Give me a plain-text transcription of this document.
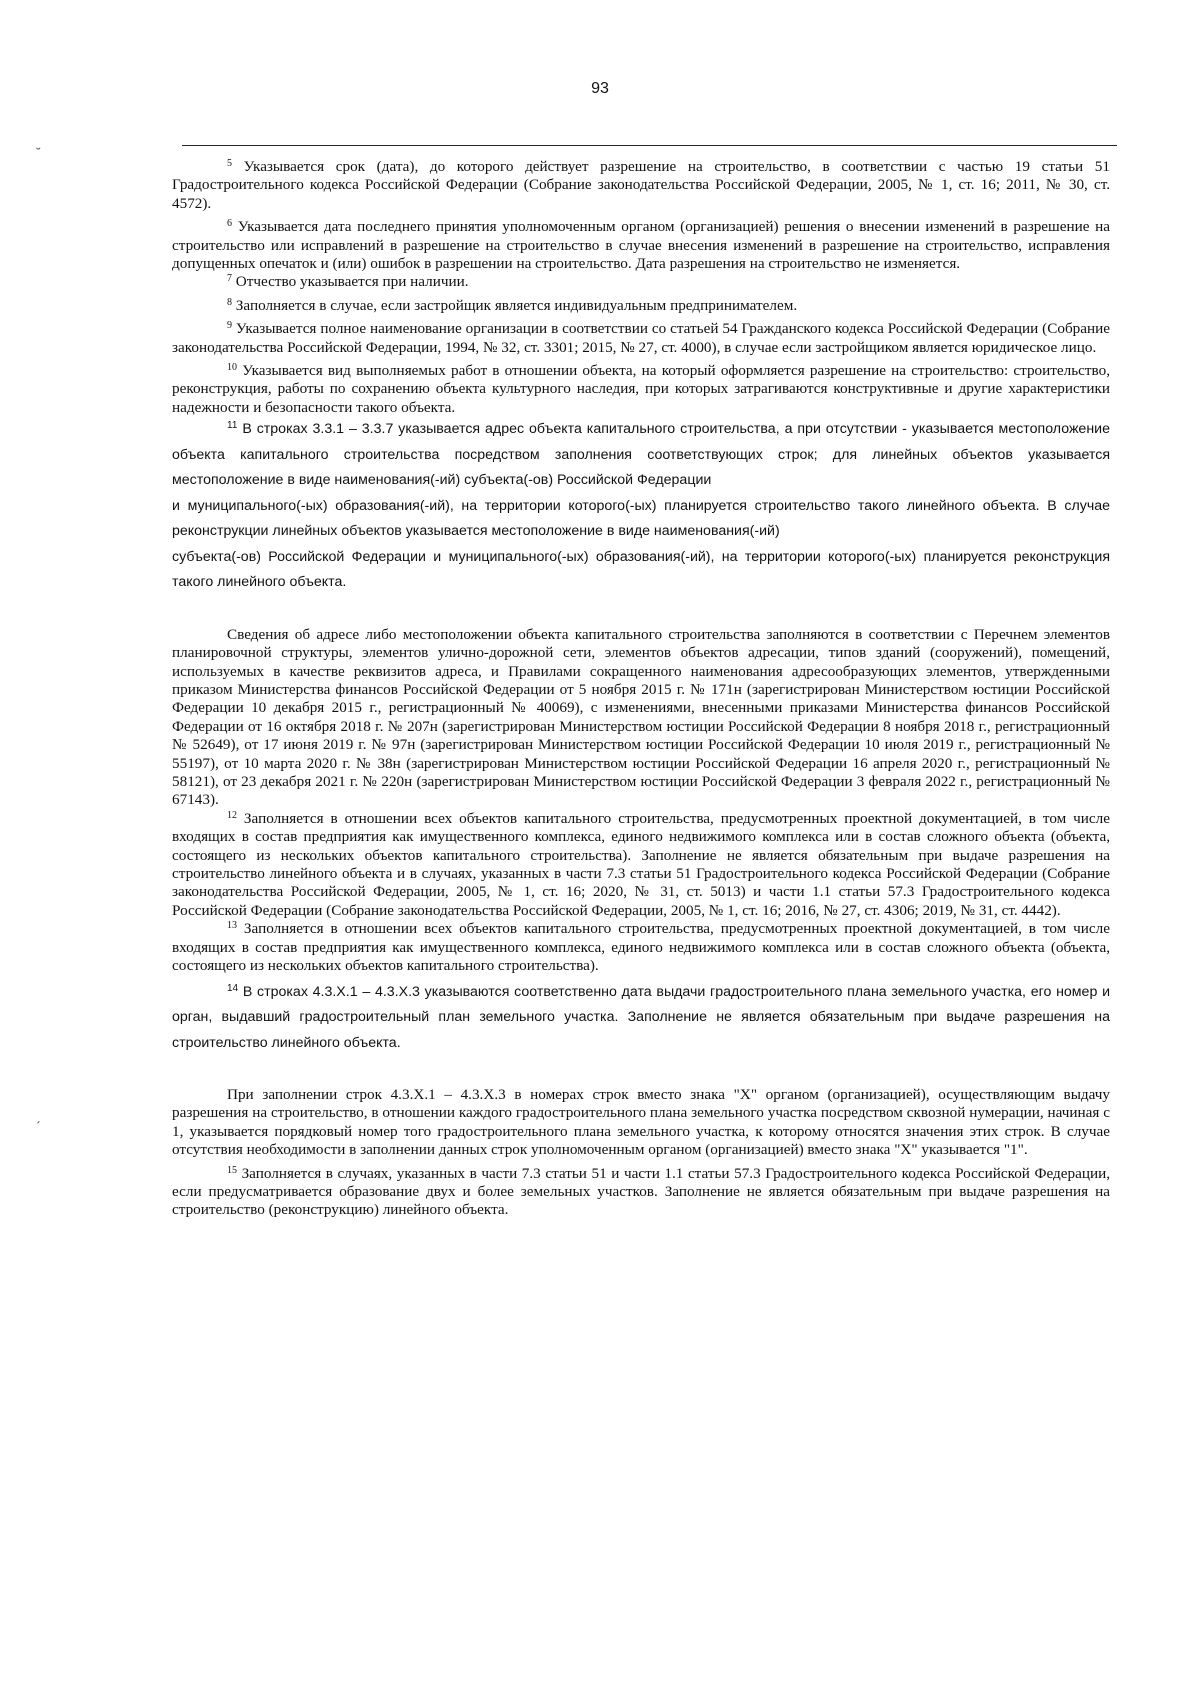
93
˘
ˊ

$^5$ Указывается срок (дата), до которого действует разрешение на строительство, в соответствии с частью 19 статьи 51 Градостроительного кодекса Российской Федерации (Собрание законодательства Российской Федерации, 2005, № 1, ст. 16; 2011, № 30, ст. 4572).

$^6$ Указывается дата последнего принятия уполномоченным органом (организацией) решения о внесении изменений в разрешение на строительство или исправлений в разрешение на строительство в случае внесения изменений в разрешение на строительство, исправления допущенных опечаток и (или) ошибок в разрешении на строительство. Дата разрешения на строительство не изменяется.

$^7$ Отчество указывается при наличии.

$^8$ Заполняется в случае, если застройщик является индивидуальным предпринимателем.

$^9$ Указывается полное наименование организации в соответствии со статьей 54 Гражданского кодекса Российской Федерации (Собрание законодательства Российской Федерации, 1994, № 32, ст. 3301; 2015, № 27, ст. 4000), в случае если застройщиком является юридическое лицо.

$^{10}$ Указывается вид выполняемых работ в отношении объекта, на который оформляется разрешение на строительство: строительство, реконструкция, работы по сохранению объекта культурного наследия, при которых затрагиваются конструктивные и другие характеристики надежности и безопасности такого объекта.

$^{11}$ В строках 3.3.1 – 3.3.7 указывается адрес объекта капитального строительства, а при отсутствии - указывается местоположение объекта капитального строительства посредством заполнения соответствующих строк; для линейных объектов указывается местоположение в виде наименования(-ий) субъекта(-ов) Российской Федерации

и муниципального(-ых) образования(-ий), на территории которого(-ых) планируется строительство такого линейного объекта. В случае реконструкции линейных объектов указывается местоположение в виде наименования(-ий)

субъекта(-ов) Российской Федерации и муниципального(-ых) образования(-ий), на территории которого(-ых) планируется реконструкция такого линейного объекта.

Сведения об адресе либо местоположении объекта капитального строительства заполняются в соответствии с Перечнем элементов планировочной структуры, элементов улично-дорожной сети, элементов объектов адресации, типов зданий (сооружений), помещений, используемых в качестве реквизитов адреса, и Правилами сокращенного наименования адресообразующих элементов, утвержденными приказом Министерства финансов Российской Федерации от 5 ноября 2015 г. № 171н (зарегистрирован Министерством юстиции Российской Федерации 10 декабря 2015 г., регистрационный № 40069), с изменениями, внесенными приказами Министерства финансов Российской Федерации от 16 октября 2018 г. № 207н (зарегистрирован Министерством юстиции Российской Федерации 8 ноября 2018 г., регистрационный № 52649), от 17 июня 2019 г. № 97н (зарегистрирован Министерством юстиции Российской Федерации 10 июля 2019 г., регистрационный № 55197), от 10 марта 2020 г. № 38н (зарегистрирован Министерством юстиции Российской Федерации 16 апреля 2020 г., регистрационный № 58121), от 23 декабря 2021 г. № 220н (зарегистрирован Министерством юстиции Российской Федерации 3 февраля 2022 г., регистрационный № 67143).

$^{12}$ Заполняется в отношении всех объектов капитального строительства, предусмотренных проектной документацией, в том числе входящих в состав предприятия как имущественного комплекса, единого недвижимого комплекса или в состав сложного объекта (объекта, состоящего из нескольких объектов капитального строительства). Заполнение не является обязательным при выдаче разрешения на строительство линейного объекта и в случаях, указанных в части 7.3 статьи 51 Градостроительного кодекса Российской Федерации (Собрание законодательства Российской Федерации, 2005, № 1, ст. 16; 2020, № 31, ст. 5013) и части 1.1 статьи 57.3 Градостроительного кодекса Российской Федерации (Собрание законодательства Российской Федерации, 2005, № 1, ст. 16; 2016, № 27, ст. 4306; 2019, № 31, ст. 4442).

$^{13}$ Заполняется в отношении всех объектов капитального строительства, предусмотренных проектной документацией, в том числе входящих в состав предприятия как имущественного комплекса, единого недвижимого комплекса или в состав сложного объекта (объекта, состоящего из нескольких объектов капитального строительства).

$^{14}$ В строках 4.3.Х.1 – 4.3.Х.3 указываются соответственно дата выдачи градостроительного плана земельного участка, его номер и орган, выдавший градостроительный план земельного участка. Заполнение не является обязательным при выдаче разрешения на строительство линейного объекта.

При заполнении строк 4.3.Х.1 – 4.3.Х.3 в номерах строк вместо знака "Х" органом (организацией), осуществляющим выдачу разрешения на строительство, в отношении каждого градостроительного плана земельного участка посредством сквозной нумерации, начиная с 1, указывается порядковый номер того градостроительного плана земельного участка, к которому относятся значения этих строк. В случае отсутствия необходимости в заполнении данных строк уполномоченным органом (организацией) вместо знака "Х" указывается "1".

$^{15}$ Заполняется в случаях, указанных в части 7.3 статьи 51 и части 1.1 статьи 57.3 Градостроительного кодекса Российской Федерации, если предусматривается образование двух и более земельных участков. Заполнение не является обязательным при выдаче разрешения на строительство (реконструкцию) линейного объекта.
